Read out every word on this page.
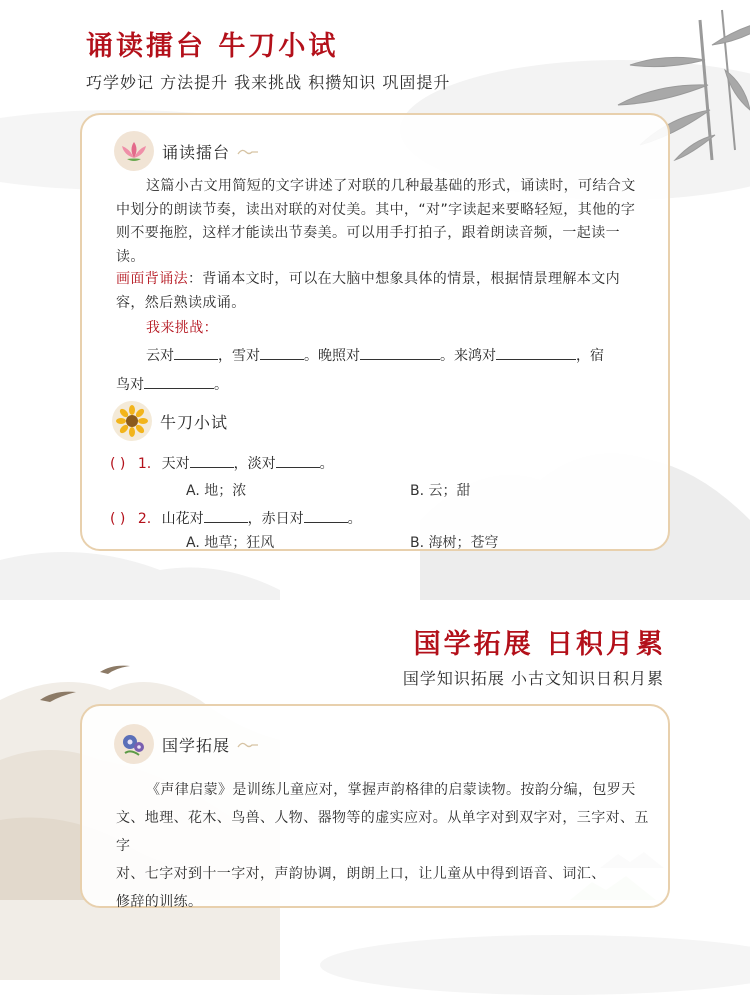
诵读擂台 牛刀小试

巧学妙记 方法提升 我来挑战 积攒知识 巩固提升

诵读擂台

这篇小古文用简短的文字讲述了对联的几种最基础的形式，诵读时，可结合文中划分的朗读节奏，读出对联的对仗美。其中，“对”字读起来要略轻短，其他的字则不要拖腔，这样才能读出节奏美。可以用手打拍子，跟着朗读音频，一起读一读。

画面背诵法：背诵本文时，可以在大脑中想象具体的情景，根据情景理解本文内容，然后熟读成诵。

我来挑战：

云对	，雪对	。晚照对	。来鸿对	，宿
鸟对	。
牛刀小试
( ) 1. 天对	，淡对	。
A. 地；浓	B. 云；甜
( ) 2. 山花对	，赤日对	。
A. 地草；狂风	B. 海树；苍穹
国学拓展 日积月累

国学知识拓展 小古文知识日积月累

国学拓展
《声律启蒙》是训练儿童应对，掌握声韵格律的启蒙读物。按韵分编，包罗天
文、地理、花木、鸟兽、人物、器物等的虚实应对。从单字对到双字对，三字对、五字
对、七字对到十一字对，声韵协调，朗朗上口，让儿童从中得到语音、词汇、
修辞的训练。
